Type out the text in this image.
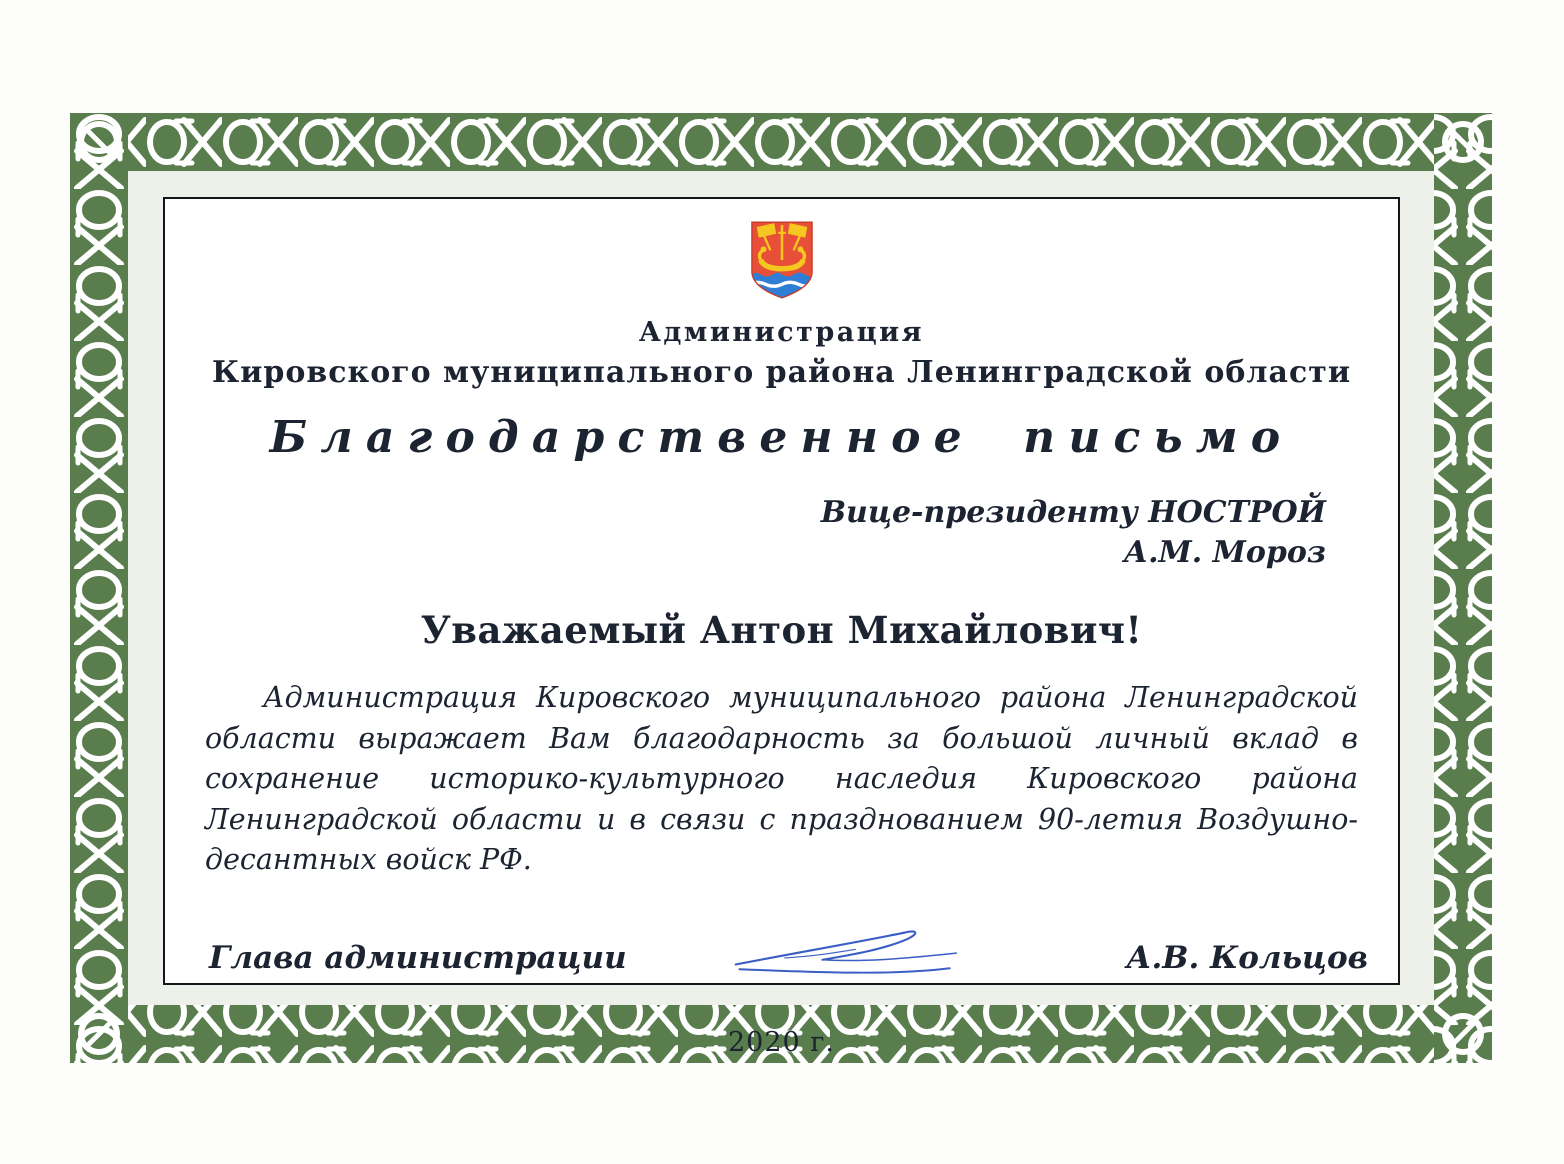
Администрация
Кировского муниципального района Ленинградской области
Благодарственное письмо
Вице-президенту НОСТРОЙ
А.М. Мороз
Уважаемый Антон Михайлович!
Администрация Кировского муниципального района Ленинградской области выражает Вам благодарность за большой личный вклад в сохранение историко-культурного наследия Кировского района Ленинградской области и в связи с празднованием 90-летия Воздушно-десантных войск РФ.
Глава администрации	А.В. Кольцов
2020 г.
